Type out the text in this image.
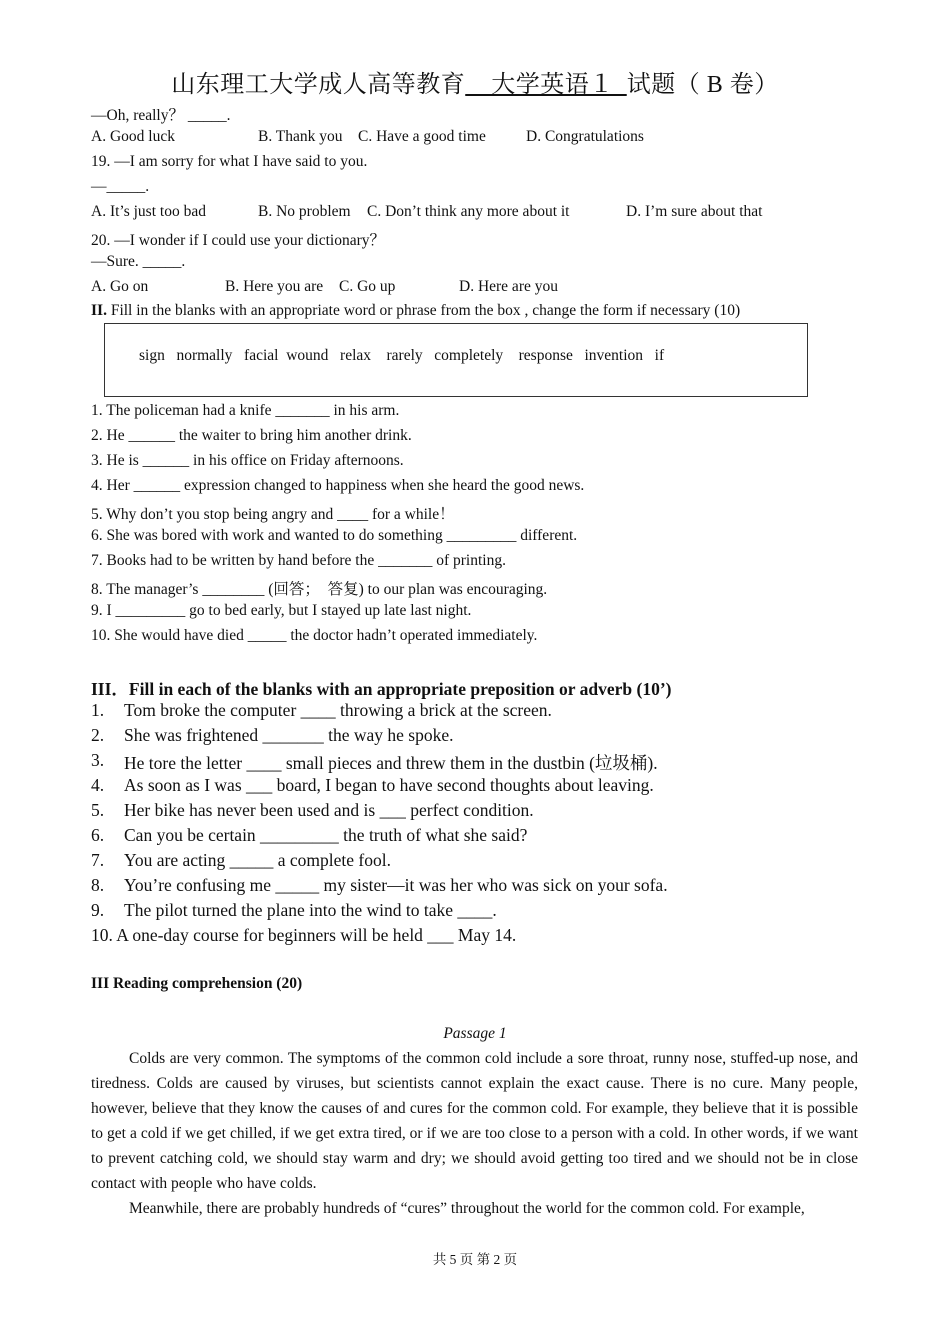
山东理工大学成人高等教育    大学英语１  试题（ B 卷）
—Oh, really？ _____.
A. Good luck	B. Thank you C. Have a good time	D. Congratulations
19. —I am sorry for what I have said to you.
—_____.
A. It’s just too bad	B. No problem C. Don’t think any more about it	D. I’m sure about that
20. —I wonder if I could use your dictionary？
—Sure. _____.
A. Go on	B. Here you are C. Go up	D. Here are you
II. Fill in the blanks with an appropriate word or phrase from the box , change the form if necessary (10)
sign   normally   facial  wound   relax    rarely   completely    response   invention   if
1. The policeman had a knife _______ in his arm.
2. He ______ the waiter to bring him another drink.
3. He is ______ in his office on Friday afternoons.
4. Her ______ expression changed to happiness when she heard the good news.
5. Why don’t you stop being angry and ____ for a while！
6. She was bored with work and wanted to do something _________ different.
7. Books had to be written by hand before the _______ of printing.
8. The manager’s ________ (回答；  答复) to our plan was encouraging.
9. I _________ go to bed early, but I stayed up late last night.
10. She would have died _____ the doctor hadn’t operated immediately.
III．Fill in each of the blanks with an appropriate preposition or adverb (10’)
1. Tom broke the computer ____ throwing a brick at the screen.
2. She was frightened _______ the way he spoke.
3. He tore the letter ____ small pieces and threw them in the dustbin (垃圾桶).
4. As soon as I was ___ board, I began to have second thoughts about leaving.
5. Her bike has never been used and is ___ perfect condition.
6. Can you be certain _________ the truth of what she said?
7. You are acting _____ a complete fool.
8. You’re confusing me _____ my sister—it was her who was sick on your sofa.
9. The pilot turned the plane into the wind to take ____.
10. A one-day course for beginners will be held ___ May 14.
III Reading comprehension (20)
Passage 1
Colds are very common. The symptoms of the common cold include a sore throat, runny nose, stuffed-up nose, and tiredness. Colds are caused by viruses, but scientists cannot explain the exact cause. There is no cure. Many people, however, believe that they know the causes of and cures for the common cold. For example, they believe that it is possible to get a cold if we get chilled, if we get extra tired, or if we are too close to a person with a cold. In other words, if we want to prevent catching cold, we should stay warm and dry; we should avoid getting too tired and we should not be in close contact with people who have colds.
Meanwhile, there are probably hundreds of “cures” throughout the world for the common cold. For example,
共 5 页 第 2 页
